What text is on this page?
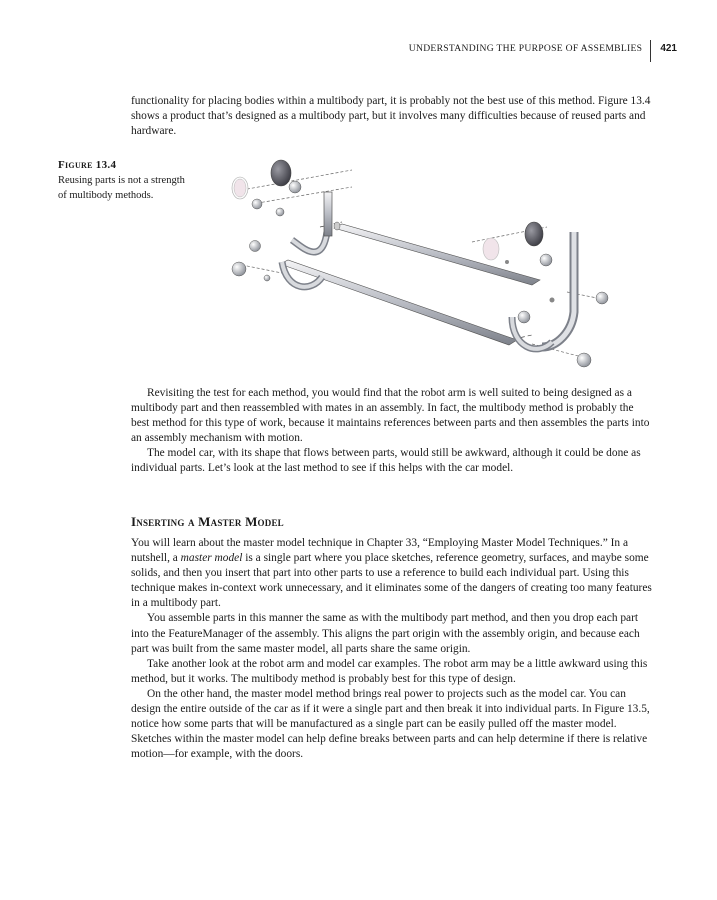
UNDERSTANDING THE PURPOSE OF ASSEMBLIES	421

functionality for placing bodies within a multibody part, it is probably not the best use of this method. Figure 13.4 shows a product that’s designed as a multibody part, but it involves many difficulties because of reused parts and hardware.

Figure 13.4
Reusing parts is not a strength of multibody methods.

Revisiting the test for each method, you would find that the robot arm is well suited to being designed as a multibody part and then reassembled with mates in an assembly. In fact, the multibody method is probably the best method for this type of work, because it maintains references between parts and then assembles the parts into an assembly mechanism with motion.

The model car, with its shape that flows between parts, would still be awkward, although it could be done as individual parts. Let’s look at the last method to see if this helps with the car model.

Inserting a Master Model

You will learn about the master model technique in Chapter 33, “Employing Master Model Techniques.” In a nutshell, a master model is a single part where you place sketches, reference geometry, surfaces, and maybe some solids, and then you insert that part into other parts to use a reference to build each individual part. Using this technique makes in-context work unnecessary, and it eliminates some of the dangers of creating too many features in a multibody part.

You assemble parts in this manner the same as with the multibody part method, and then you drop each part into the FeatureManager of the assembly. This aligns the part origin with the assembly origin, and because each part was built from the same master model, all parts share the same origin.

Take another look at the robot arm and model car examples. The robot arm may be a little awkward using this method, but it works. The multibody method is probably best for this type of design.

On the other hand, the master model method brings real power to projects such as the model car. You can design the entire outside of the car as if it were a single part and then break it into individual parts. In Figure 13.5, notice how some parts that will be manufactured as a single part can be easily pulled off the master model. Sketches within the master model can help define breaks between parts and can help determine if there is relative motion—for example, with the doors.
